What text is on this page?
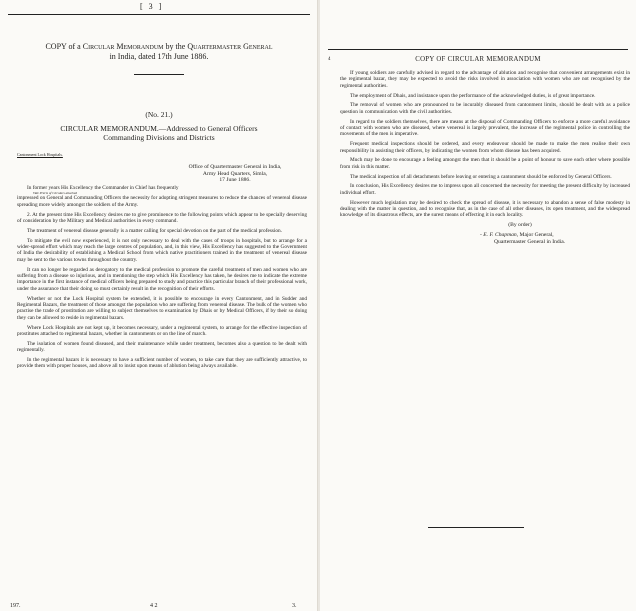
[ 3 ]
COPY of a Circular Memorandum by the Quartermaster General
in India, dated 17th June 1886.
(No. 21.)
CIRCULAR MEMORANDUM.—Addressed to General Officers
Commanding Divisions and Districts
Cantonment Lock Hospitals.
Office of Quartermaster General in India,
Army Head Quarters, Simla,
17 June 1886.

In former years His Excellency the Commander in Chief has frequently
Vide Précis of Circulars attached
impressed on General and Commanding Officers the necessity for adopting stringent measures to reduce the chances of venereal disease spreading more widely amongst the soldiers of the Army.

2. At the present time His Excellency desires me to give prominence to the following points which appear to be specially deserving of consideration by the Military and Medical authorities in every command.

The treatment of venereal disease generally is a matter calling for special devotion on the part of the medical profession.

To mitigate the evil now experienced, it is not only necessary to deal with the cases of troops in hospitals, but to arrange for a wider-spread effort which may reach the large centres of population, and, in this view, His Excellency has suggested to the Government of India the desirability of establishing a Medical School from which native practitioners trained in the treatment of venereal disease may be sent to the various towns throughout the country.

It can no longer be regarded as derogatory to the medical profession to promote the careful treatment of men and women who are suffering from a disease so injurious, and in mentioning the step which His Excellency has taken, he desires me to indicate the extreme importance in the first instance of medical officers being prepared to study and practice this particular branch of their professional work, under the assurance that their doing so must certainly result in the recognition of their efforts.

Whether or not the Lock Hospital system be extended, it is possible to encourage in every Cantonment, and in Sudder and Regimental Bazars, the treatment of those amongst the population who are suffering from venereal disease. The bulk of the women who practise the trade of prostitution are willing to subject themselves to examination by Dhais or by Medical Officers, if by their so doing they can be allowed to reside in regimental bazars.

Where Lock Hospitals are not kept up, it becomes necessary, under a regimental system, to arrange for the effective inspection of prostitutes attached to regimental bazars, whether in cantonments or on the line of march.

The isolation of women found diseased, and their maintenance while under treatment, becomes also a question to be dealt with regimentally.

In the regimental bazars it is necessary to have a sufficient number of women, to take care that they are sufficiently attractive, to provide them with proper houses, and above all to insist upon means of ablution being always available.

197.	4 2	3.
4	COPY OF CIRCULAR MEMORANDUM

If young soldiers are carefully advised in regard to the advantage of ablution and recognise that convenient arrangements exist in the regimental bazar, they may be expected to avoid the risks involved in association with women who are not recognised by the regimental authorities.

The employment of Dhais, and insistance upon the performance of the acknowledged duties, is of great importance.

The removal of women who are pronounced to be incurably diseased from cantonment limits, should be dealt with as a police question in communication with the civil authorities.

In regard to the soldiers themselves, there are means at the disposal of Commanding Officers to enforce a more careful avoidance of contact with women who are diseased, where venereal is largely prevalent, the increase of the regimental police in controlling the movements of the men is imperative.

Frequent medical inspections should be ordered, and every endeavour should be made to make the men realise their own responsibility in assisting their officers, by indicating the women from whom disease has been acquired.

Much may be done to encourage a feeling amongst the men that it should be a point of honour to save each other where possible from risk in this matter.

The medical inspection of all detachments before leaving or entering a cantonment should be enforced by General Officers.

In conclusion, His Excellency desires me to impress upon all concerned the necessity for meeting the present difficulty by increased individual effort.

However much legislation may be desired to check the spread of disease, it is necessary to abandon a sense of false modesty in dealing with the matter in question, and to recognise that, as in the case of all other diseases, its open treatment, and the widespread knowledge of its disastrous effects, are the surest means of effecting it in each locality.

(By order)
- E. F. Chapman, Major General,
Quartermaster General in India.
